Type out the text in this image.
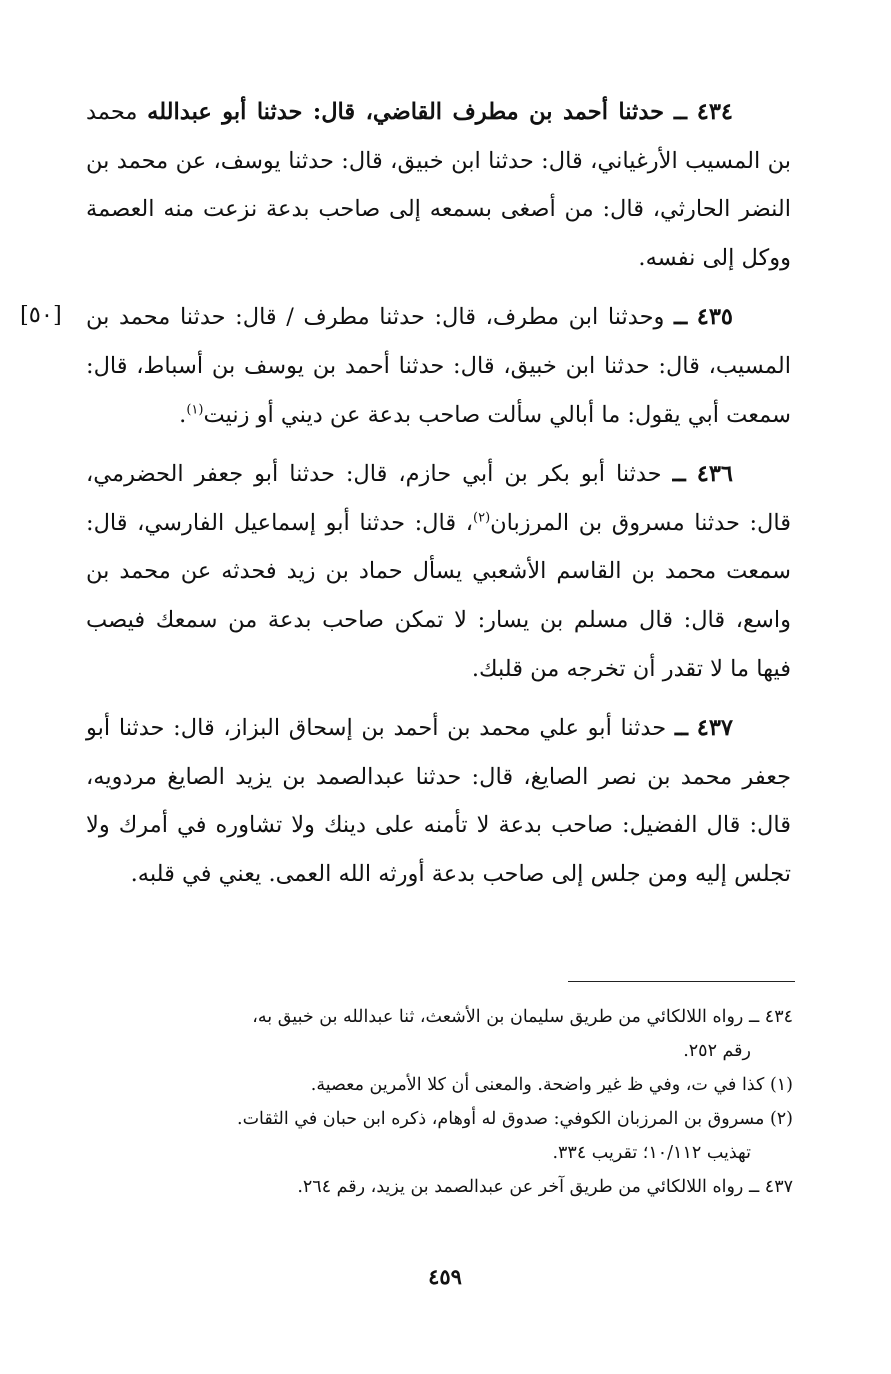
[٥٠]

٤٣٤ ــ حدثنا أحمد بن مطرف القاضي، قال: حدثنا أبو عبدالله محمد بن المسيب الأرغياني، قال: حدثنا ابن خبيق، قال: حدثنا يوسف، عن محمد بن النضر الحارثي، قال: من أصغى بسمعه إلى صاحب بدعة نزعت منه العصمة ووكل إلى نفسه.

٤٣٥ ــ وحدثنا ابن مطرف، قال: حدثنا مطرف / قال: حدثنا محمد بن المسيب، قال: حدثنا ابن خبيق، قال: حدثنا أحمد بن يوسف بن أسباط، قال: سمعت أبي يقول: ما أبالي سألت صاحب بدعة عن ديني أو زنيت$^{(١)}$.

٤٣٦ ــ حدثنا أبو بكر بن أبي حازم، قال: حدثنا أبو جعفر الحضرمي، قال: حدثنا مسروق بن المرزبان$^{(٢)}$، قال: حدثنا أبو إسماعيل الفارسي، قال: سمعت محمد بن القاسم الأشعبي يسأل حماد بن زيد فحدثه عن محمد بن واسع، قال: قال مسلم بن يسار: لا تمكن صاحب بدعة من سمعك فيصب فيها ما لا تقدر أن تخرجه من قلبك.

٤٣٧ ــ حدثنا أبو علي محمد بن أحمد بن إسحاق البزاز، قال: حدثنا أبو جعفر محمد بن نصر الصايغ، قال: حدثنا عبدالصمد بن يزيد الصايغ مردويه، قال: قال الفضيل: صاحب بدعة لا تأمنه على دينك ولا تشاوره في أمرك ولا تجلس إليه ومن جلس إلى صاحب بدعة أورثه الله العمى. يعني في قلبه.

٤٣٤ ــ رواه اللالكائي من طريق سليمان بن الأشعث، ثنا عبدالله بن خبيق به،

رقم ٢٥٢.

(١) كذا في ت، وفي ظ غير واضحة. والمعنى أن كلا الأمرين معصية.

(٢) مسروق بن المرزبان الكوفي: صدوق له أوهام، ذكره ابن حبان في الثقات.

تهذيب ١٠/١١٢؛ تقريب ٣٣٤.

٤٣٧ ــ رواه اللالكائي من طريق آخر عن عبدالصمد بن يزيد، رقم ٢٦٤.

٤٥٩
